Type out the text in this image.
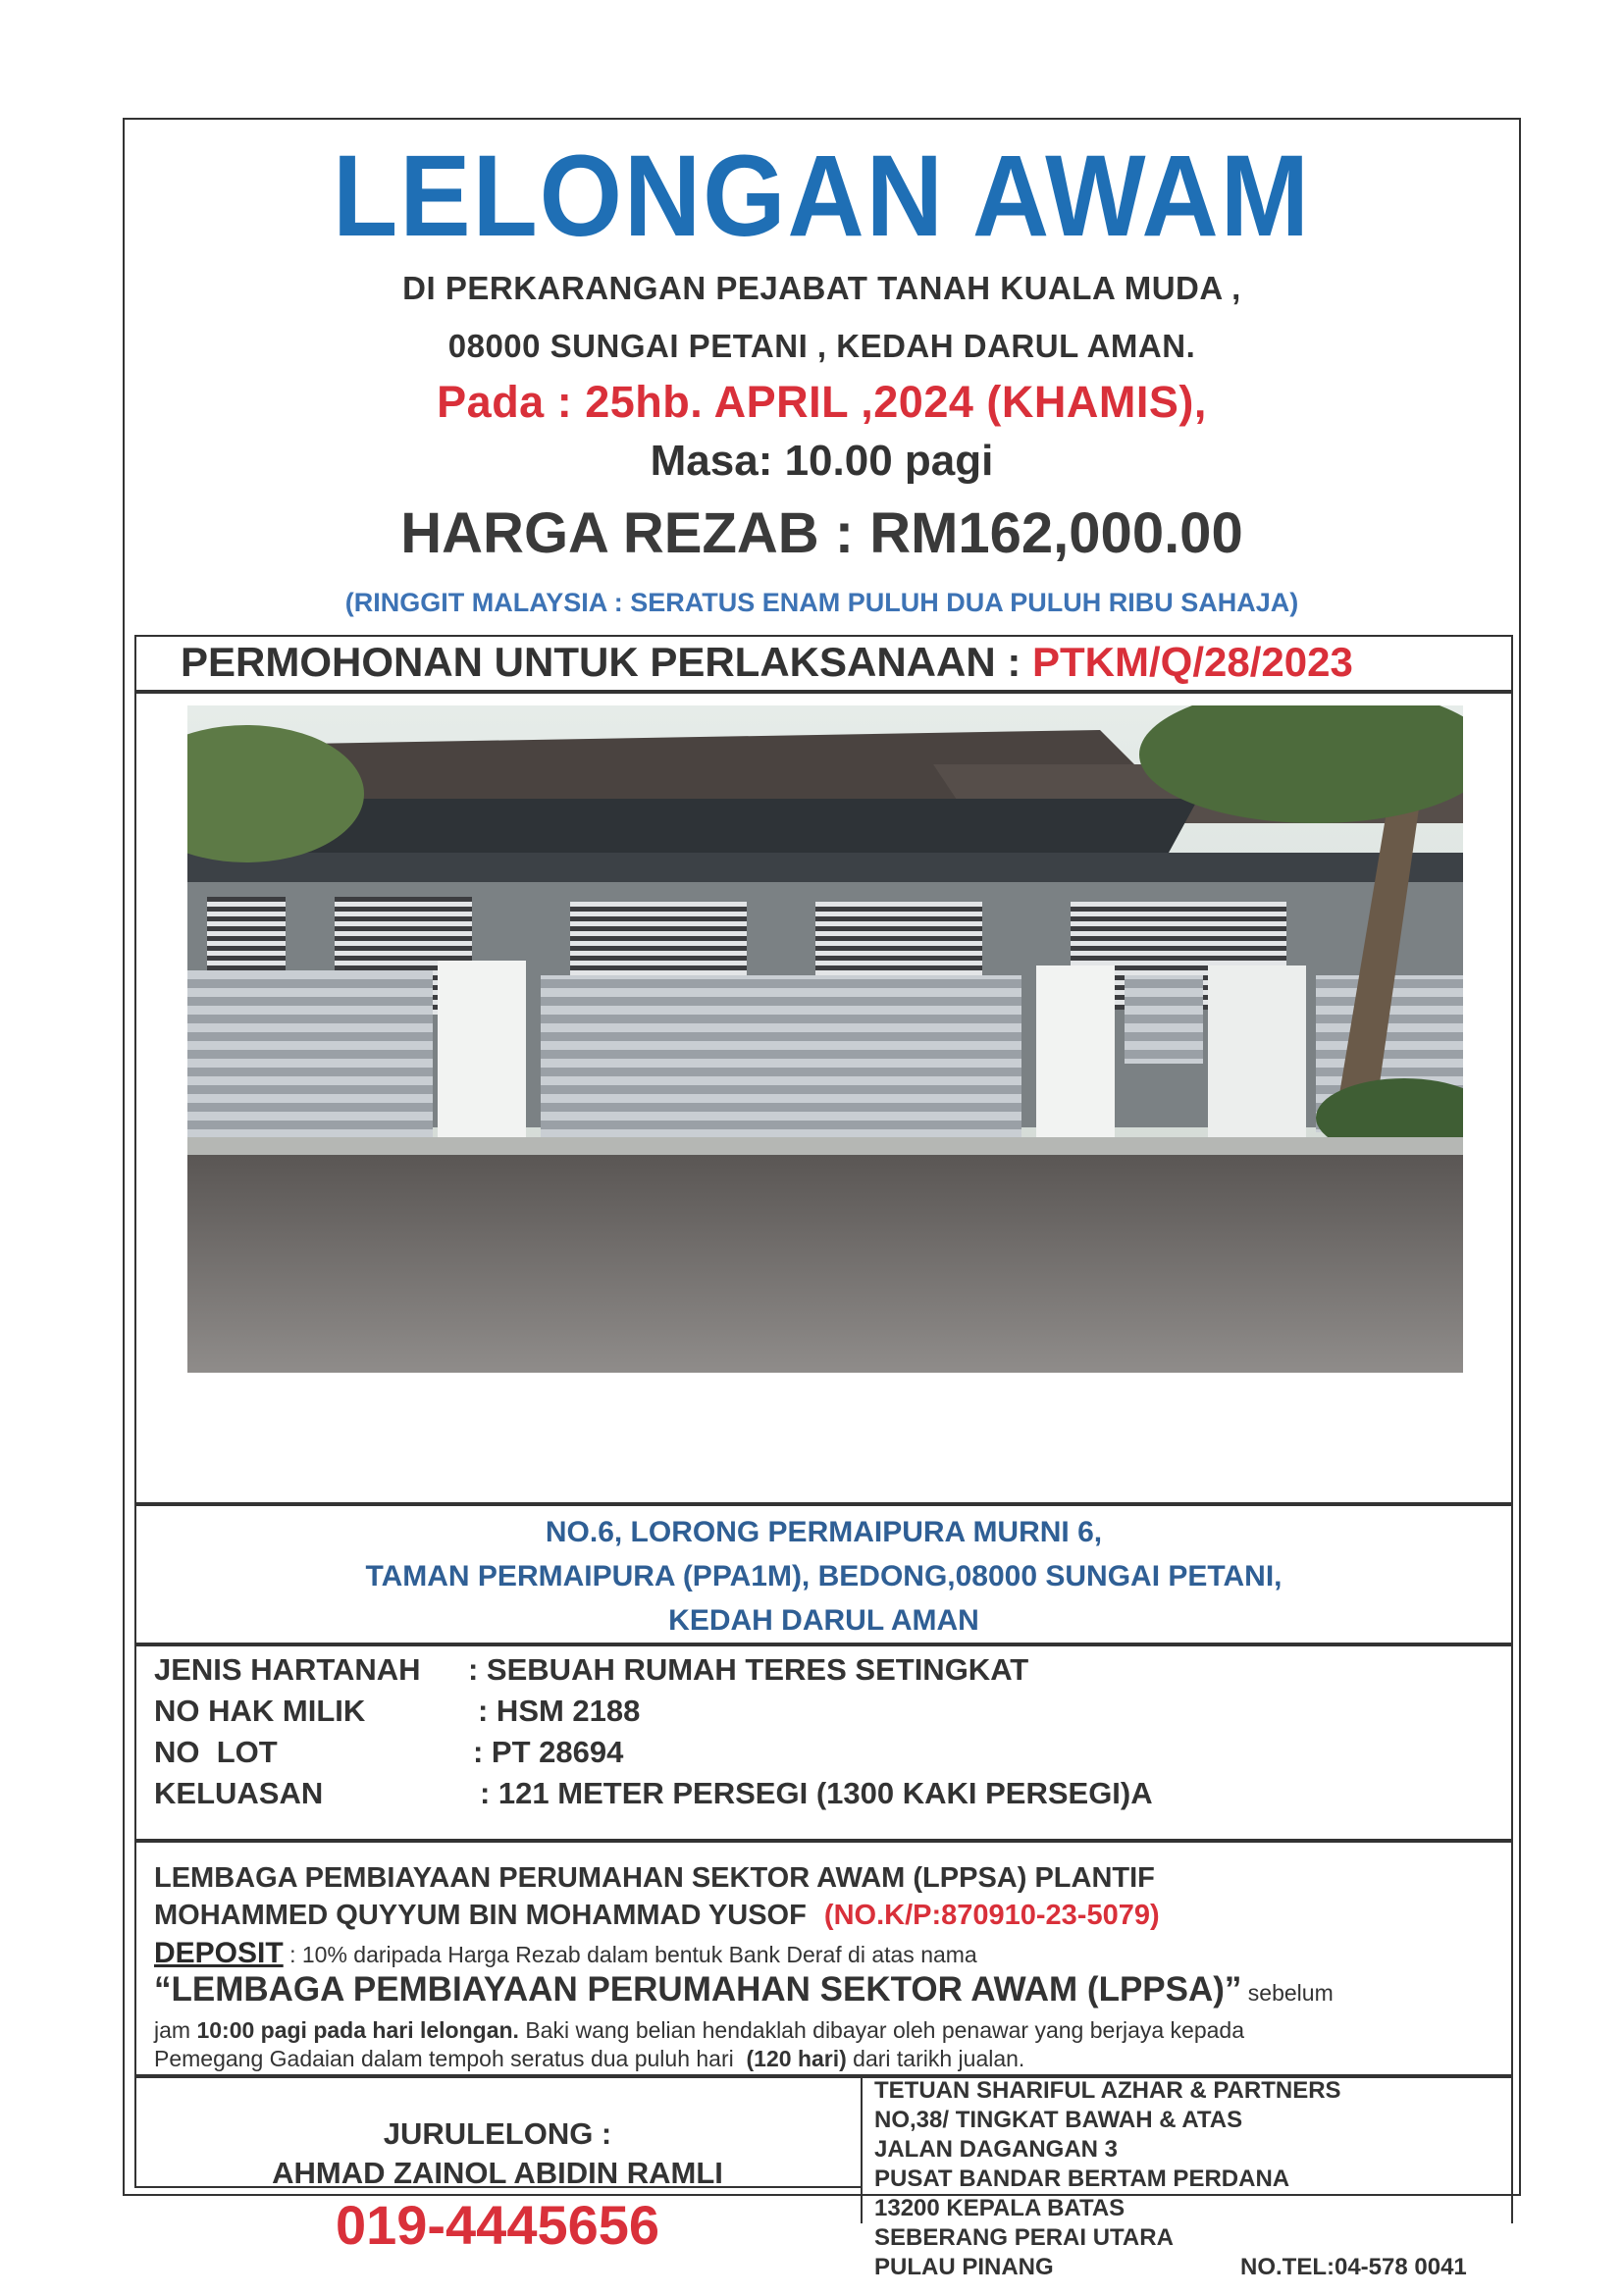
LELONGAN AWAM
DI PERKARANGAN PEJABAT TANAH KUALA MUDA ,
08000 SUNGAI PETANI , KEDAH DARUL AMAN.
Pada : 25hb. APRIL ,2024 (KHAMIS),
Masa: 10.00 pagi
HARGA REZAB : RM162,000.00
(RINGGIT MALAYSIA : SERATUS ENAM PULUH DUA PULUH RIBU SAHAJA)
PERMOHONAN UNTUK PERLAKSANAAN : PTKM/Q/28/2023
NO.6, LORONG PERMAIPURA MURNI 6,
TAMAN PERMAIPURA (PPA1M), BEDONG,08000 SUNGAI PETANI,
KEDAH DARUL AMAN
JENIS HARTANAH : SEBUAH RUMAH TERES SETINGKAT
NO HAK MILIK	: HSM 2188
NO  LOT	: PT 28694
KELUASAN	: 121 METER PERSEGI (1300 KAKI PERSEGI)A
LEMBAGA PEMBIAYAAN PERUMAHAN SEKTOR AWAM (LPPSA) PLANTIF
MOHAMMED QUYYUM BIN MOHAMMAD YUSOF (NO.K/P:870910-23-5079)
DEPOSIT : 10% daripada Harga Rezab dalam bentuk Bank Deraf di atas nama
“LEMBAGA PEMBIAYAAN PERUMAHAN SEKTOR AWAM (LPPSA)” sebelum
jam 10:00 pagi pada hari lelongan. Baki wang belian hendaklah dibayar oleh penawar yang berjaya kepada
Pemegang Gadaian dalam tempoh seratus dua puluh hari  (120 hari) dari tarikh jualan.
JURULELONG :
AHMAD ZAINOL ABIDIN RAMLI
019-4445656
TETUAN SHARIFUL AZHAR & PARTNERS
NO,38/ TINGKAT BAWAH & ATAS
JALAN DAGANGAN 3
PUSAT BANDAR BERTAM PERDANA
13200 KEPALA BATAS
SEBERANG PERAI UTARA
PULAU PINANG	NO.TEL:04-578 0041
